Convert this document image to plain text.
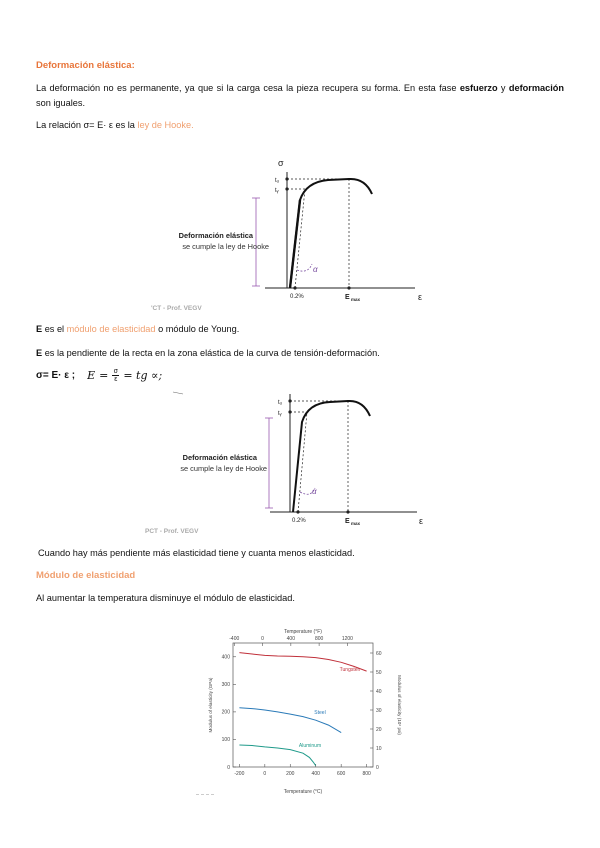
Deformación elástica:
La deformación no es permanente, ya que si la carga cesa la pieza recupera su forma. En esta fase esfuerzo y deformación son iguales.
La relación σ= E· ε es la ley de Hooke.
σ
tᵤ
tᵧ
α
Deformación elástica
se cumple la ley de Hooke
0.2%	E max	ε
'CT - Prof. VEGV
E es el módulo de elasticidad o módulo de Young.
E es la pendiente de la recta en la zona elástica de la curva de tensión-deformación.
σ= E· ε ; E = σ
ε = tg ∝;
tᵤ
tᵧ
α
Deformación elástica
se cumple la ley de Hooke
0.2%	E max	ε
PCT - Prof. VEGV
Cuando hay más pendiente más elasticidad tiene y cuanta menos elasticidad.
Módulo de elasticidad
Al aumentar la temperatura disminuye el módulo de elasticidad.
Temperature (°F)
Temperature (°C)
Modulus of elasticity (GPa)	Modulus of elasticity (10⁶ psi)
-200	0	200	400	600	800
-400	0	400	800	1200
0
100
200
300
400
0
10
20
30
40
50
60
Tungsten
Steel
Aluminum
